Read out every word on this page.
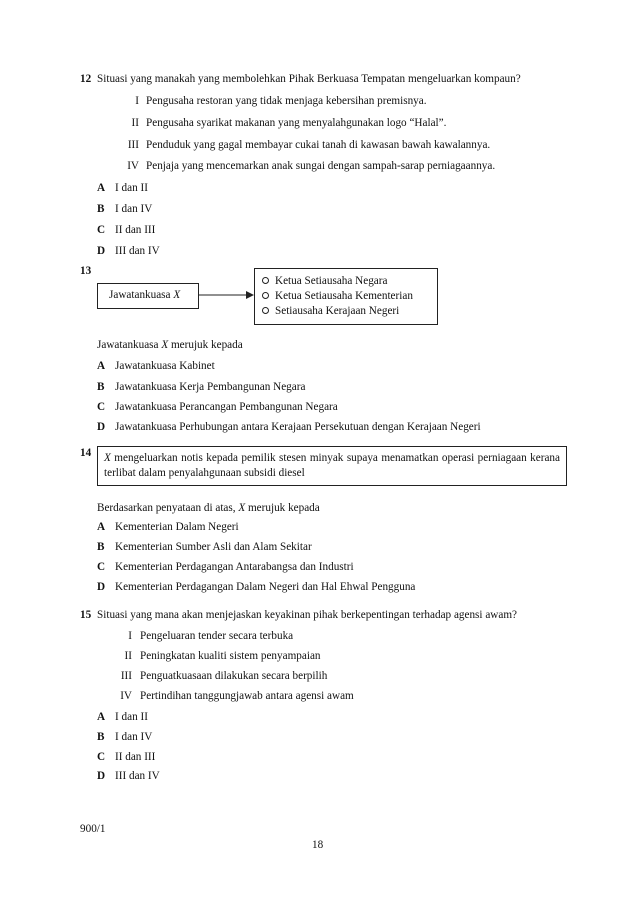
12 Situasi yang manakah yang membolehkan Pihak Berkuasa Tempatan mengeluarkan kompaun?
I Pengusaha restoran yang tidak menjaga kebersihan premisnya.
II Pengusaha syarikat makanan yang menyalahgunakan logo “Halal”.
III Penduduk yang gagal membayar cukai tanah di kawasan bawah kawalannya.
IV Penjaja yang mencemarkan anak sungai dengan sampah-sarap perniagaannya.
A I dan II
B I dan IV
C II dan III
D III dan IV
13
Jawatankuasa X
Ketua Setiausaha Negara
Ketua Setiausaha Kementerian
Setiausaha Kerajaan Negeri
Jawatankuasa X merujuk kepada
A Jawatankuasa Kabinet
B Jawatankuasa Kerja Pembangunan Negara
C Jawatankuasa Perancangan Pembangunan Negara
D Jawatankuasa Perhubungan antara Kerajaan Persekutuan dengan Kerajaan Negeri
14 X mengeluarkan notis kepada pemilik stesen minyak supaya menamatkan operasi perniagaan kerana terlibat dalam penyalahgunaan subsidi diesel
Berdasarkan penyataan di atas, X merujuk kepada
A Kementerian Dalam Negeri
B Kementerian Sumber Asli dan Alam Sekitar
C Kementerian Perdagangan Antarabangsa dan Industri
D Kementerian Perdagangan Dalam Negeri dan Hal Ehwal Pengguna
15 Situasi yang mana akan menjejaskan keyakinan pihak berkepentingan terhadap agensi awam?
I Pengeluaran tender secara terbuka
II Peningkatan kualiti sistem penyampaian
III Penguatkuasaan dilakukan secara berpilih
IV Pertindihan tanggungjawab antara agensi awam
A I dan II
B I dan IV
C II dan III
D III dan IV
900/1
18
